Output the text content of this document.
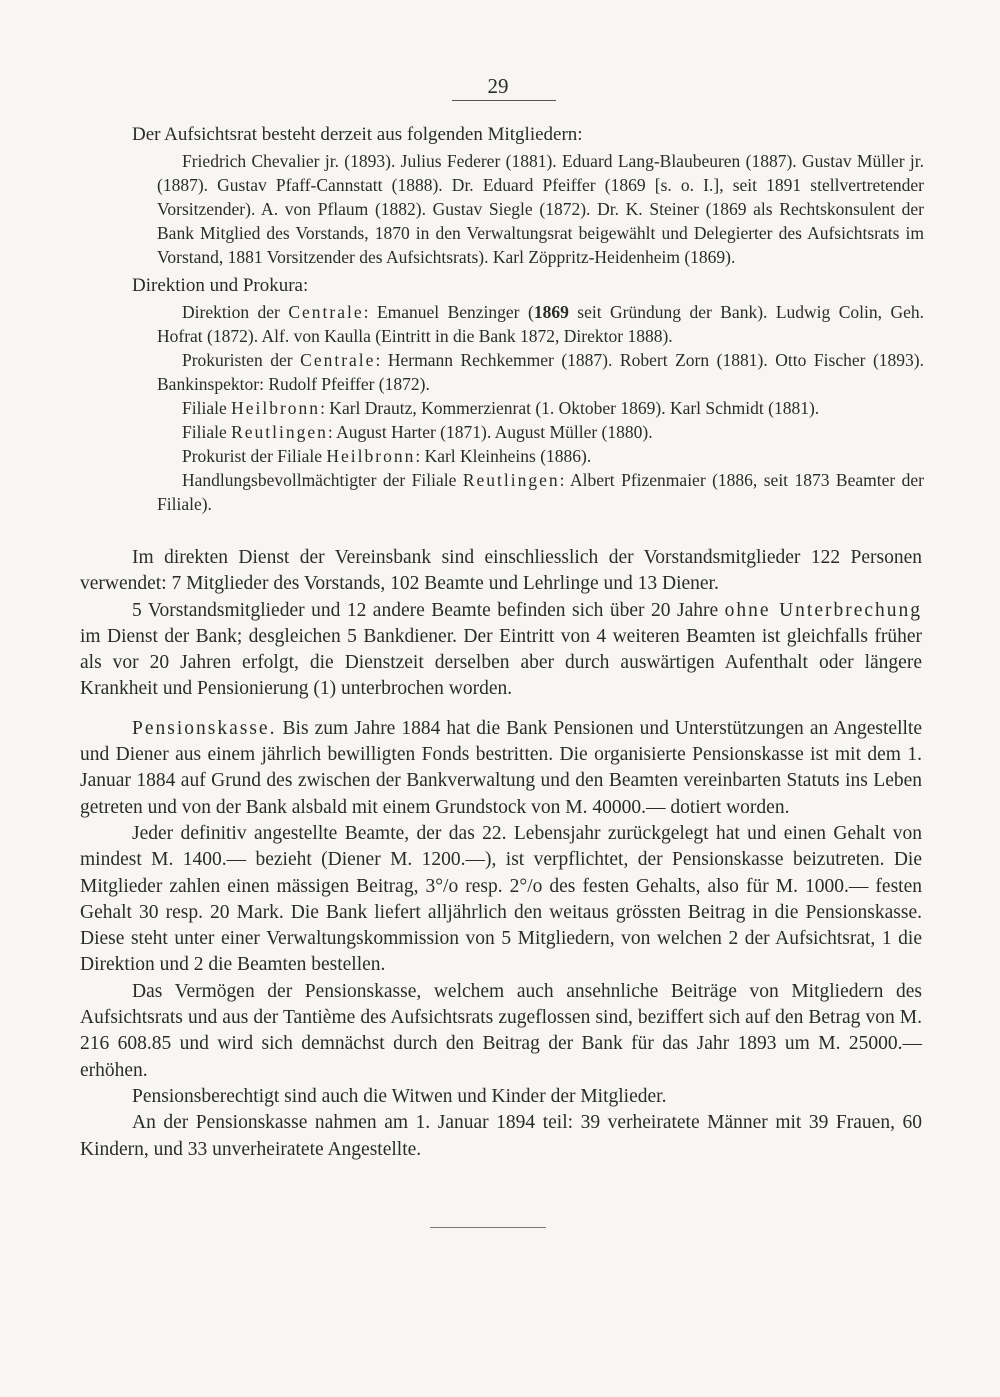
29

Der Aufsichtsrat besteht derzeit aus folgenden Mitgliedern:

Friedrich Chevalier jr. (1893). Julius Federer (1881). Eduard Lang-Blaubeuren (1887). Gustav Müller jr. (1887). Gustav Pfaff-Cannstatt (1888). Dr. Eduard Pfeiffer (1869 [s. o. I.], seit 1891 stellvertretender Vorsitzender). A. von Pflaum (1882). Gustav Siegle (1872). Dr. K. Steiner (1869 als Rechtskonsulent der Bank Mitglied des Vorstands, 1870 in den Verwaltungsrat beigewählt und Delegierter des Aufsichtsrats im Vorstand, 1881 Vorsitzender des Aufsichtsrats). Karl Zöppritz-Heidenheim (1869).

Direktion und Prokura:

Direktion der Centrale: Emanuel Benzinger (1869 seit Gründung der Bank). Ludwig Colin, Geh. Hofrat (1872). Alf. von Kaulla (Eintritt in die Bank 1872, Direktor 1888).

Prokuristen der Centrale: Hermann Rechkemmer (1887). Robert Zorn (1881). Otto Fischer (1893). Bankinspektor: Rudolf Pfeiffer (1872).

Filiale Heilbronn: Karl Drautz, Kommerzienrat (1. Oktober 1869). Karl Schmidt (1881).

Filiale Reutlingen: August Harter (1871). August Müller (1880).

Prokurist der Filiale Heilbronn: Karl Kleinheins (1886).

Handlungsbevollmächtigter der Filiale Reutlingen: Albert Pfizenmaier (1886, seit 1873 Beamter der Filiale).

Im direkten Dienst der Vereinsbank sind einschliesslich der Vorstandsmitglieder 122 Personen verwendet: 7 Mitglieder des Vorstands, 102 Beamte und Lehrlinge und 13 Diener.

5 Vorstandsmitglieder und 12 andere Beamte befinden sich über 20 Jahre ohne Unterbrechung im Dienst der Bank; desgleichen 5 Bankdiener. Der Eintritt von 4 weiteren Beamten ist gleichfalls früher als vor 20 Jahren erfolgt, die Dienstzeit derselben aber durch auswärtigen Aufenthalt oder längere Krankheit und Pensionierung (1) unterbrochen worden.

Pensionskasse. Bis zum Jahre 1884 hat die Bank Pensionen und Unterstützungen an Angestellte und Diener aus einem jährlich bewilligten Fonds bestritten. Die organisierte Pensionskasse ist mit dem 1. Januar 1884 auf Grund des zwischen der Bankverwaltung und den Beamten vereinbarten Statuts ins Leben getreten und von der Bank alsbald mit einem Grundstock von M. 40000.— dotiert worden.

Jeder definitiv angestellte Beamte, der das 22. Lebensjahr zurückgelegt hat und einen Gehalt von mindest M. 1400.— bezieht (Diener M. 1200.—), ist verpflichtet, der Pensionskasse beizutreten. Die Mitglieder zahlen einen mässigen Beitrag, 3°/o resp. 2°/o des festen Gehalts, also für M. 1000.— festen Gehalt 30 resp. 20 Mark. Die Bank liefert alljährlich den weitaus grössten Beitrag in die Pensionskasse. Diese steht unter einer Verwaltungskommission von 5 Mitgliedern, von welchen 2 der Aufsichtsrat, 1 die Direktion und 2 die Beamten bestellen.

Das Vermögen der Pensionskasse, welchem auch ansehnliche Beiträge von Mitgliedern des Aufsichtsrats und aus der Tantième des Aufsichtsrats zugeflossen sind, beziffert sich auf den Betrag von M. 216 608.85 und wird sich demnächst durch den Beitrag der Bank für das Jahr 1893 um M. 25000.— erhöhen.

Pensionsberechtigt sind auch die Witwen und Kinder der Mitglieder.

An der Pensionskasse nahmen am 1. Januar 1894 teil: 39 verheiratete Männer mit 39 Frauen, 60 Kindern, und 33 unverheiratete Angestellte.
